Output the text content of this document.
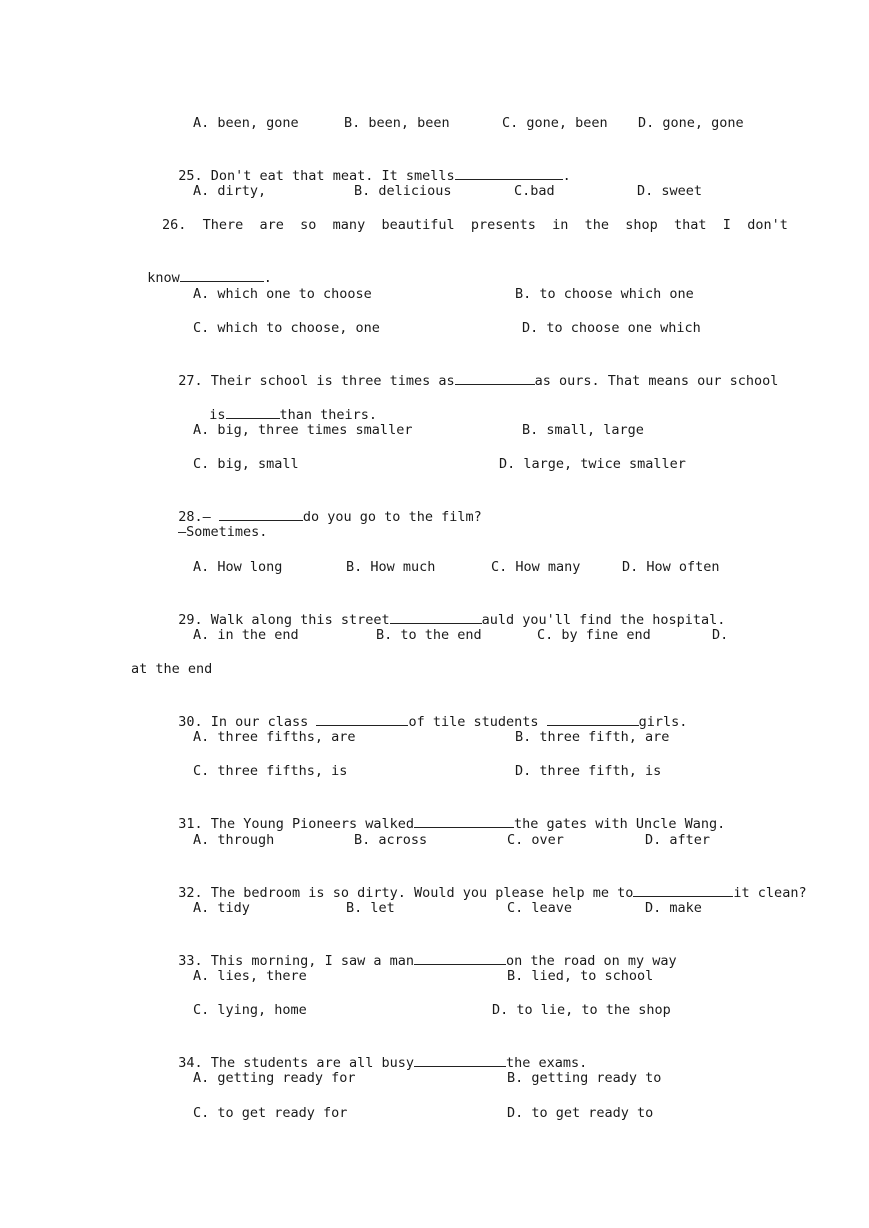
A. been, gone	B. been, been	C. gone, been D. gone, gone

25. Don't eat that meat. It smells	.

A. dirty,	B. delicious	C.bad	D. sweet
26.  There  are  so  many  beautiful  presents  in  the  shop  that  I  don't

know	.

A. which one to choose	B. to choose which one
C. which to choose, one	D. to choose one which

27. Their school is three times as	as ours. That means our school

is	than theirs.

A. big, three times smaller	B. small, large
C. big, small	D. large, twice smaller

28.—	do you go to the film?

—Sometimes.
A. How long	B. How much	C. How many	D. How often

29. Walk along this street	auld you'll find the hospital.

A. in the end	B. to the end	C. by fine end	D.
at the end

30. In our class	of tile students	girls.

A. three fifths, are	B. three fifth, are
C. three fifths, is	D. three fifth, is

31. The Young Pioneers walked	the gates with Uncle Wang.

A. through	B. across	C. over	D. after

32. The bedroom is so dirty. Would you please help me to	it clean?

A. tidy	B. let	C. leave	D. make

33. This morning, I saw a man	on the road on my way

A. lies, there	B. lied, to school
C. lying, home	D. to lie, to the shop

34. The students are all busy	the exams.

A. getting ready for	B. getting ready to
C. to get ready for	D. to get ready to
